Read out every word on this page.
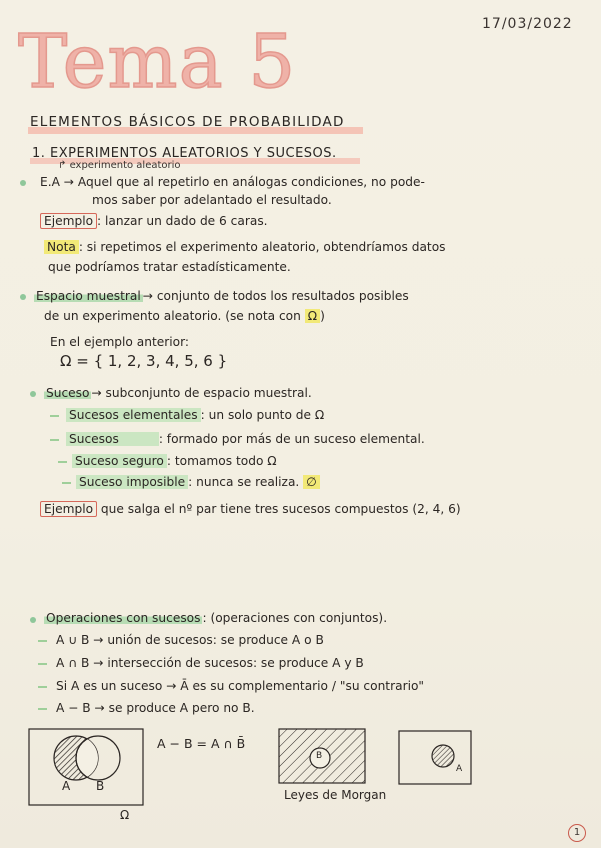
17/03/2022
Tema 5
ELEMENTOS BÁSICOS DE PROBABILIDAD
1. EXPERIMENTOS ALEATORIOS Y SUCESOS.
↱ experimento aleatorio
E.A → Aquel que al repetirlo en análogas condiciones, no pode-
mos saber por adelantado el resultado.
Ejemplo : lanzar un dado de 6 caras.
Nota : si repetimos el experimento aleatorio, obtendríamos datos
que podríamos tratar estadísticamente.
Espacio muestral → conjunto de todos los resultados posibles
de un experimento aleatorio. (se nota con Ω )
En el ejemplo anterior:
Ω = { 1, 2, 3, 4, 5, 6 }
Suceso → subconjunto de espacio muestral.
Sucesos elementales : un solo punto de Ω
Sucesos	: formado por más de un suceso elemental.
Suceso seguro : tomamos todo Ω
Suceso imposible : nunca se realiza. ∅
Ejemplo que salga el nº par tiene tres sucesos compuestos (2, 4, 6)
Operaciones con sucesos : (operaciones con conjuntos).
A ∪ B → unión de sucesos: se produce A o B
A ∩ B → intersección de sucesos: se produce A y B
Si A es un suceso → Ā es su complementario / "su contrario"
A − B → se produce A pero no B.
A B
Ω
A − B = A ∩ B̄
B
A
Leyes de Morgan
1
